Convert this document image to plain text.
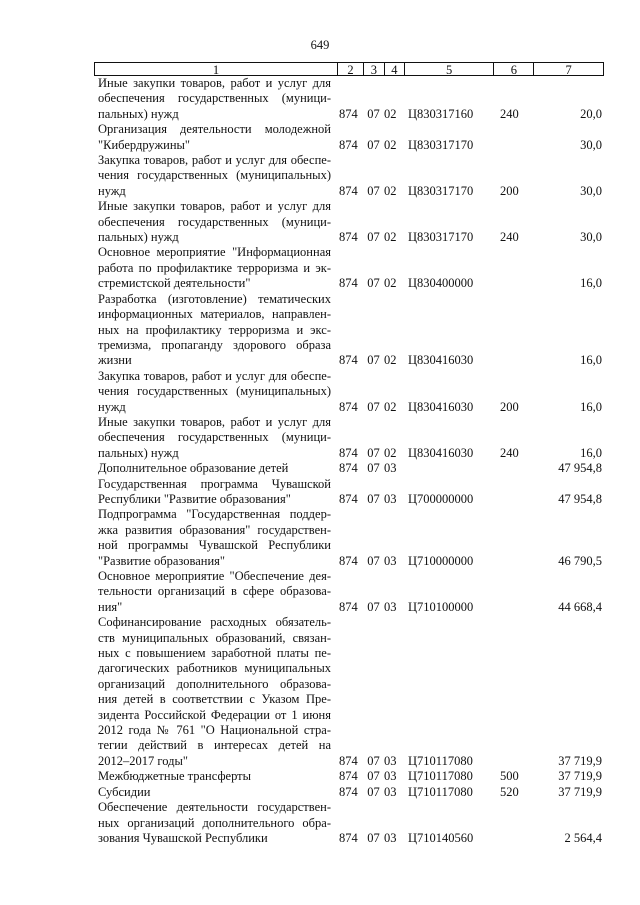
649
1	2	3	4	5	6	7
Иные закупки товаров, работ и услуг для
обеспечения государственных (муници-
пальных) нужд	874 07 02 Ц830317160	240	20,0
Организация деятельности молодежной
"Кибердружины"	874 07 02 Ц830317170	30,0
Закупка товаров, работ и услуг для обеспе-
чения государственных (муниципальных)
нужд	874 07 02 Ц830317170	200	30,0
Иные закупки товаров, работ и услуг для
обеспечения государственных (муници-
пальных) нужд	874 07 02 Ц830317170	240	30,0
Основное мероприятие "Информационная
работа по профилактике терроризма и эк-
стремистской деятельности"	874 07 02 Ц830400000	16,0
Разработка (изготовление) тематических
информационных материалов, направлен-
ных на профилактику терроризма и экс-
тремизма, пропаганду здорового образа
жизни	874 07 02 Ц830416030	16,0
Закупка товаров, работ и услуг для обеспе-
чения государственных (муниципальных)
нужд	874 07 02 Ц830416030	200	16,0
Иные закупки товаров, работ и услуг для
обеспечения государственных (муници-
пальных) нужд	874 07 02 Ц830416030	240	16,0
Дополнительное образование детей	874 07 03	47 954,8
Государственная программа Чувашской
Республики "Развитие образования"	874 07 03 Ц700000000	47 954,8
Подпрограмма "Государственная поддер-
жка развития образования" государствен-
ной программы Чувашской Республики
"Развитие образования"	874 07 03 Ц710000000	46 790,5
Основное мероприятие "Обеспечение дея-
тельности организаций в сфере образова-
ния"	874 07 03 Ц710100000	44 668,4
Софинансирование расходных обязатель-
ств муниципальных образований, связан-
ных с повышением заработной платы пе-
дагогических работников муниципальных
организаций дополнительного образова-
ния детей в соответствии с Указом Пре-
зидента Российской Федерации от 1 июня
2012 года № 761 "О Национальной стра-
тегии действий в интересах детей на
2012–2017 годы"	874 07 03 Ц710117080	37 719,9
Межбюджетные трансферты	874 07 03 Ц710117080	500	37 719,9
Субсидии	874 07 03 Ц710117080	520	37 719,9
Обеспечение деятельности государствен-
ных организаций дополнительного обра-
зования Чувашской Республики	874 07 03 Ц710140560	2 564,4
